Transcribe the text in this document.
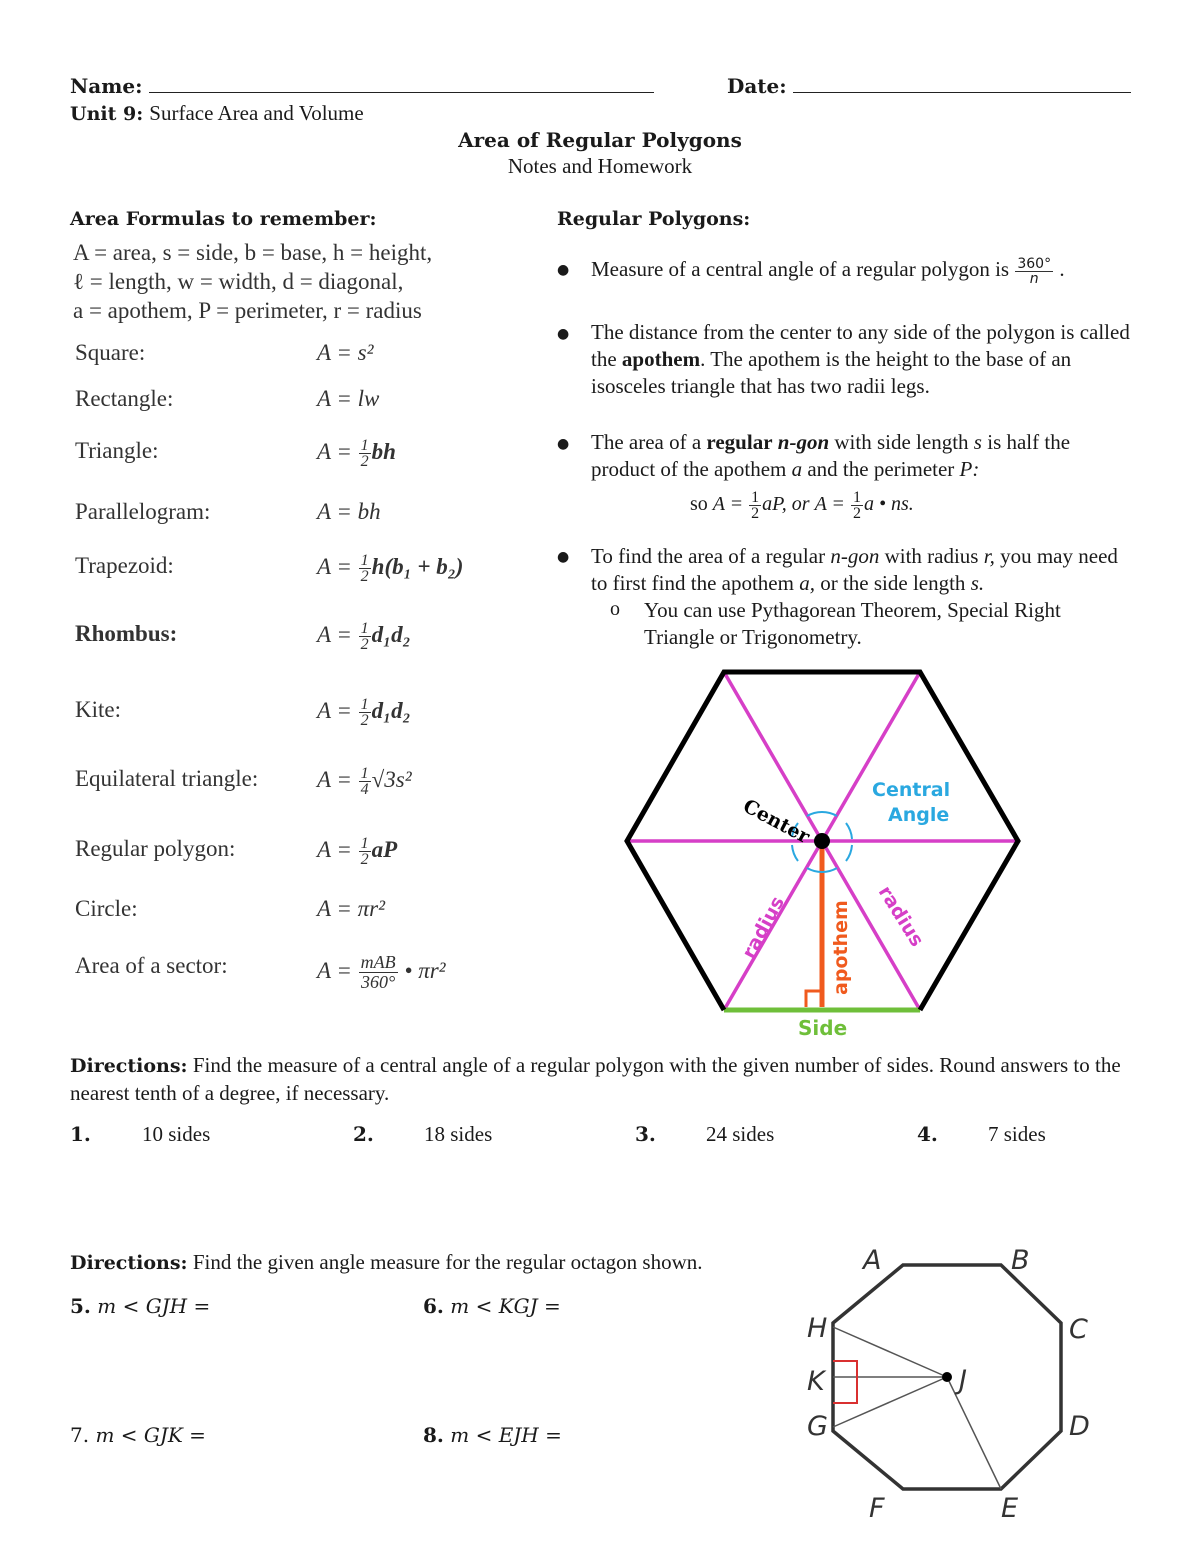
Name:	Date:
Unit 9: Surface Area and Volume
Area of Regular Polygons
Notes and Homework
Area Formulas to remember:
A = area, s = side, b = base, h = height,
ℓ = length, w = width, d = diagonal,
a = apothem, P = perimeter, r = radius
Square:	A = s²
Rectangle:	A = lw
Triangle:	$A = \frac{1}{2}$ bh
Parallelogram:	A = bh
Trapezoid:	$A = \frac{1}{2} h(b_1 + b_2)$
Rhombus:	$A = \frac{1}{2} d_1d_2$
Kite:	$A = \frac{1}{2} d_1d_2$
Equilateral triangle:	$A = \frac{1}{4} √3s^2$
Regular polygon:	$A = \frac{1}{2}$ aP
Circle:	A = πr²
Area of a sector:	$A = \frac{\text{mAB}}{360^\circ}$ • πr²
Regular Polygons:
● Measure of a central angle of a regular polygon is $\frac{360^\circ}{n}$ .
● The distance from the center to any side of the polygon is called the apothem. The apothem is the height to the base of an isosceles triangle that has two radii legs.
● The area of a regular n-gon with side length s is half the product of the apothem a and the perimeter P:
so $A = \frac{1}{2}$ aP, or $A = \frac{1}{2}$ a • ns.
● To find the area of a regular n-gon with radius r, you may need to first find the apothem a, or the side length s.
o You can use Pythagorean Theorem, Special Right Triangle or Trigonometry.
Center
Central
Angle
radius	radius
apothem
Side
Directions: Find the measure of a central angle of a regular polygon with the given number of sides. Round answers to the nearest tenth of a degree, if necessary.
1. 10 sides	2. 18 sides	3. 24 sides	4. 7 sides
Directions: Find the given angle measure for the regular octagon shown.
5. m < GJH =	6. m < KGJ =
7. m < GJK =	8. m < EJH =
A	B
C
D
E
F
G
H
J
K
